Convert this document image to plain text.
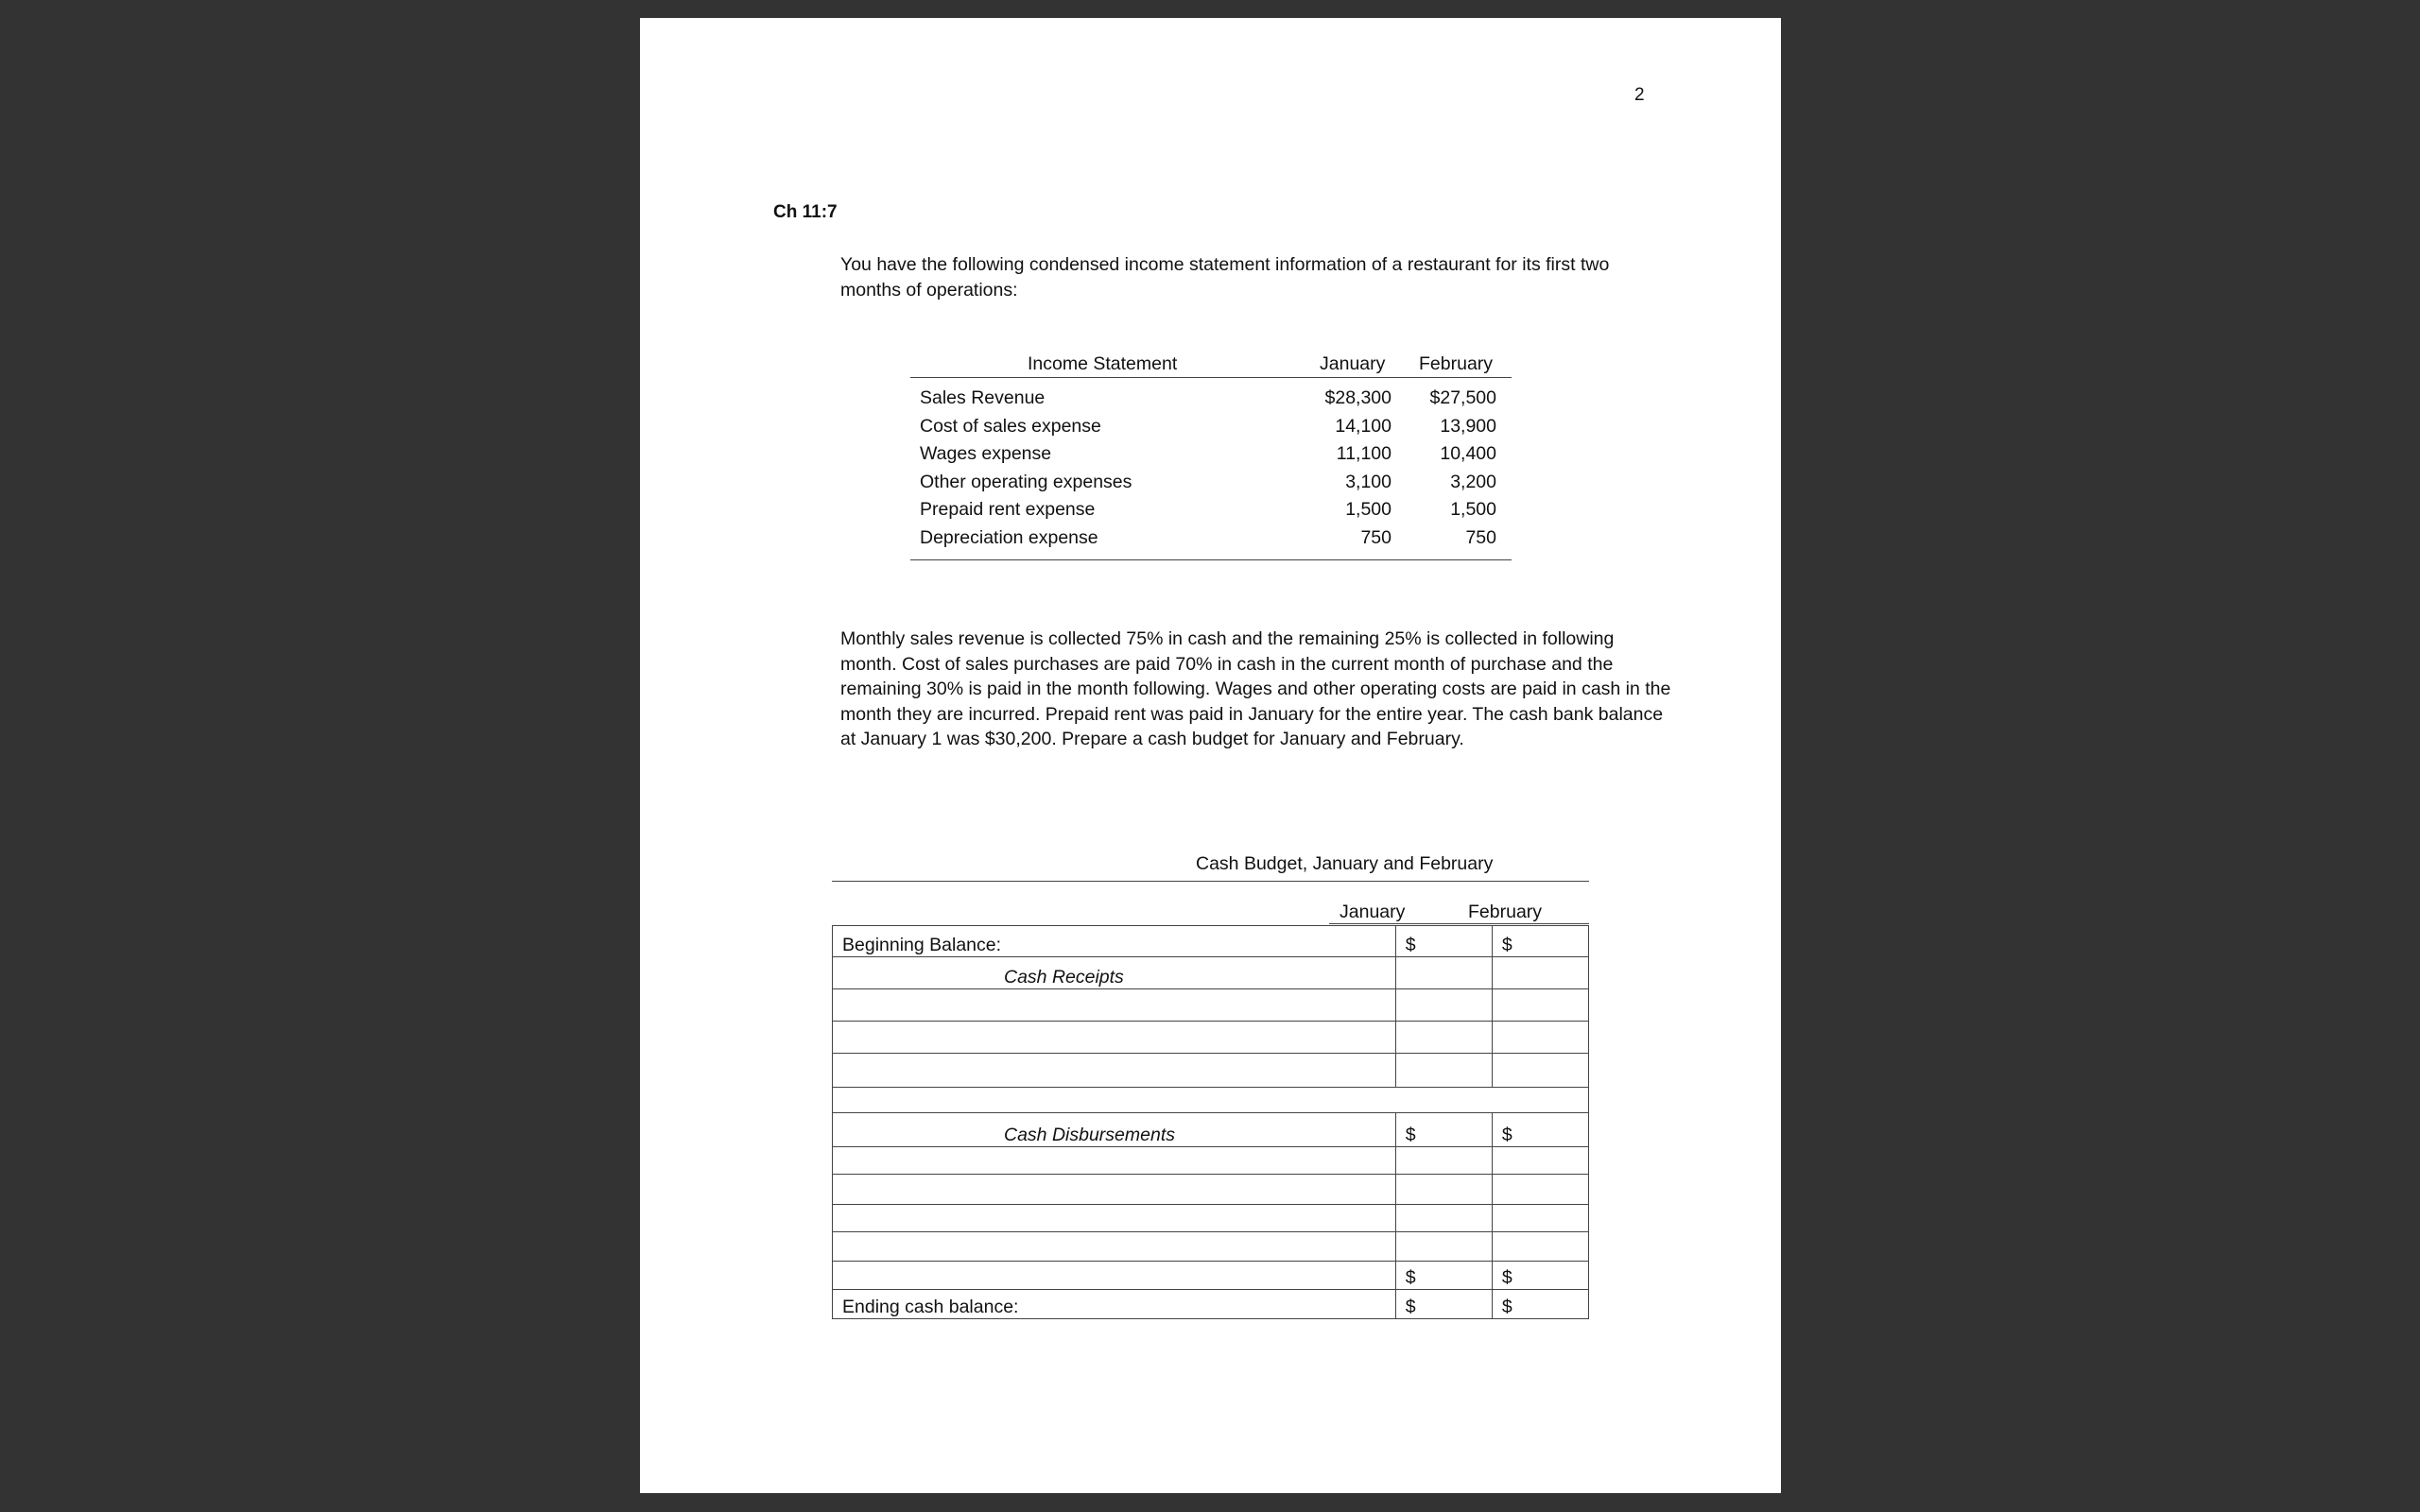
2
Ch 11:7
You have the following condensed income statement information of a restaurant for its first two months of operations:
Income Statement	January February
Sales Revenue	$28,300	$27,500
Cost of sales expense	14,100	13,900
Wages expense	11,100	10,400
Other operating expenses	3,100	3,200
Prepaid rent expense	1,500	1,500
Depreciation expense	750	750
Monthly sales revenue is collected 75% in cash and the remaining 25% is collected in following month. Cost of sales purchases are paid 70% in cash in the current month of purchase and the remaining 30% is paid in the month following. Wages and other operating costs are paid in cash in the month they are incurred. Prepaid rent was paid in January for the entire year. The cash bank balance at January 1 was $30,200. Prepare a cash budget for January and February.
Cash Budget, January and February
January	February
Beginning Balance:	$	$
Cash Receipts		

Cash Disbursements	$	$

	$	$
Ending cash balance:	$	$
